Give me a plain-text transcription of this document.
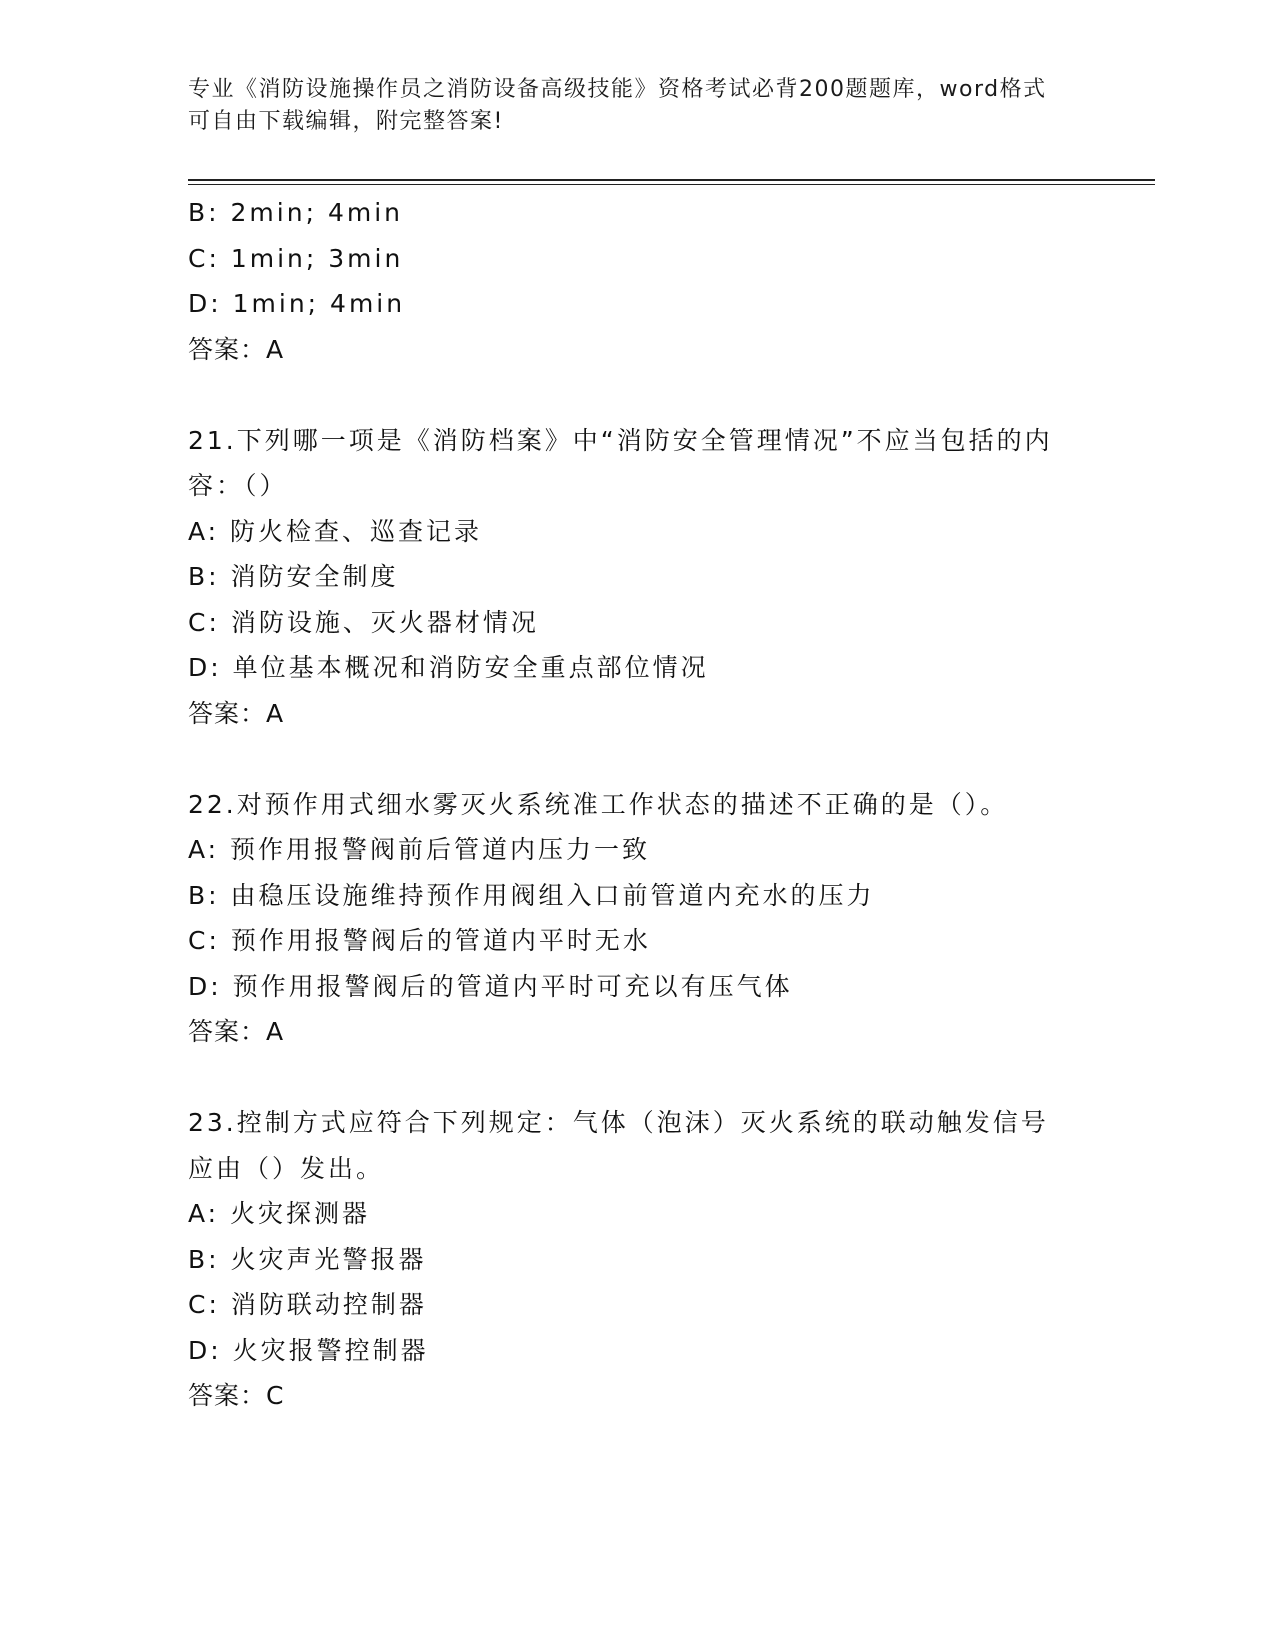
专业《消防设施操作员之消防设备高级技能》资格考试必背200题题库，word格式可自由下载编辑，附完整答案!
B: 2min; 4min
C: 1min; 3min
D: 1min; 4min
答案：A
21.下列哪一项是《消防档案》中“消防安全管理情况”不应当包括的内容：（）
A: 防火检查、巡查记录
B: 消防安全制度
C: 消防设施、灭火器材情况
D: 单位基本概况和消防安全重点部位情况
答案：A
22.对预作用式细水雾灭火系统准工作状态的描述不正确的是（）。
A: 预作用报警阀前后管道内压力一致
B: 由稳压设施维持预作用阀组入口前管道内充水的压力
C: 预作用报警阀后的管道内平时无水
D: 预作用报警阀后的管道内平时可充以有压气体
答案：A
23.控制方式应符合下列规定：气体（泡沫）灭火系统的联动触发信号应由（）发出。
A: 火灾探测器
B: 火灾声光警报器
C: 消防联动控制器
D: 火灾报警控制器
答案：C
